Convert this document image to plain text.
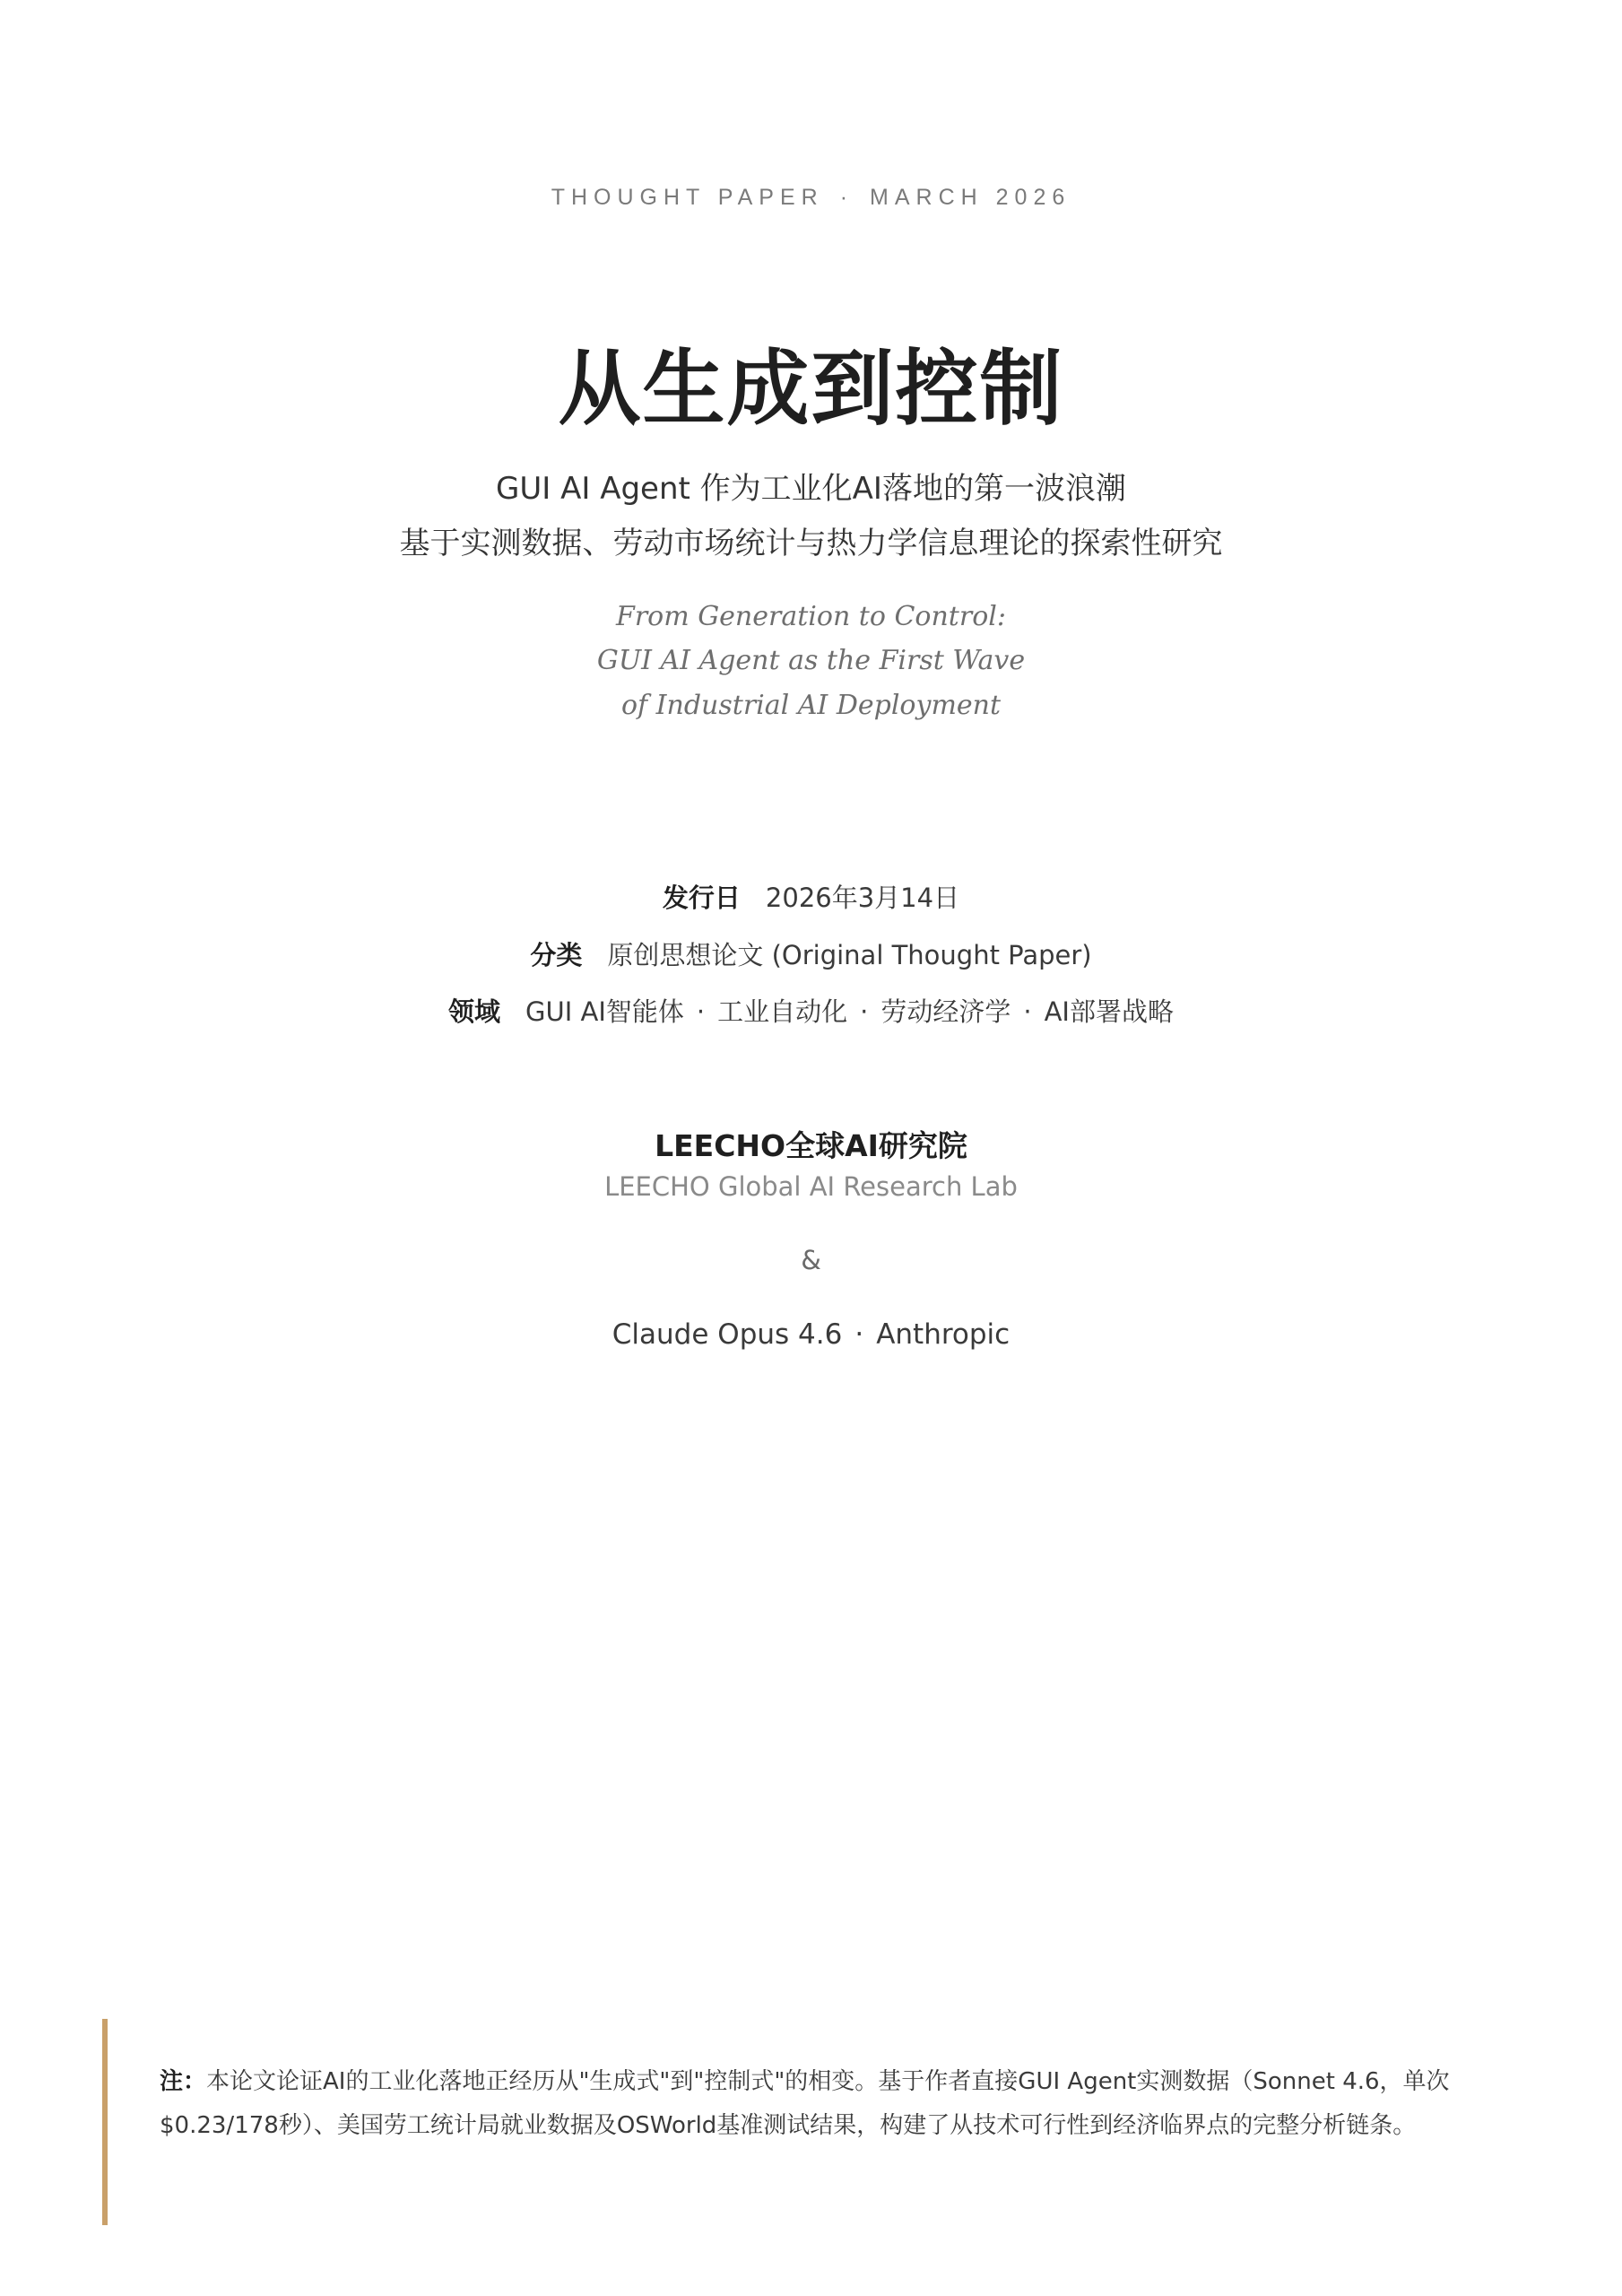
THOUGHT PAPER · MARCH 2026
从生成到控制
GUI AI Agent 作为工业化AI落地的第一波浪潮
基于实测数据、劳动市场统计与热力学信息理论的探索性研究
From Generation to Control:
GUI AI Agent as the First Wave
of Industrial AI Deployment
发行日 2026年3月14日
分类 原创思想论文 (Original Thought Paper)
领域 GUI AI智能体 · 工业自动化 · 劳动经济学 · AI部署战略
LEECHO全球AI研究院
LEECHO Global AI Research Lab
&
Claude Opus 4.6 · Anthropic

注：本论文论证AI的工业化落地正经历从"生成式"到"控制式"的相变。基于作者直接GUI Agent实测数据（Sonnet 4.6，单次$0.23/178秒）、美国劳工统计局就业数据及OSWorld基准测试结果，构建了从技术可行性到经济临界点的完整分析链条。
